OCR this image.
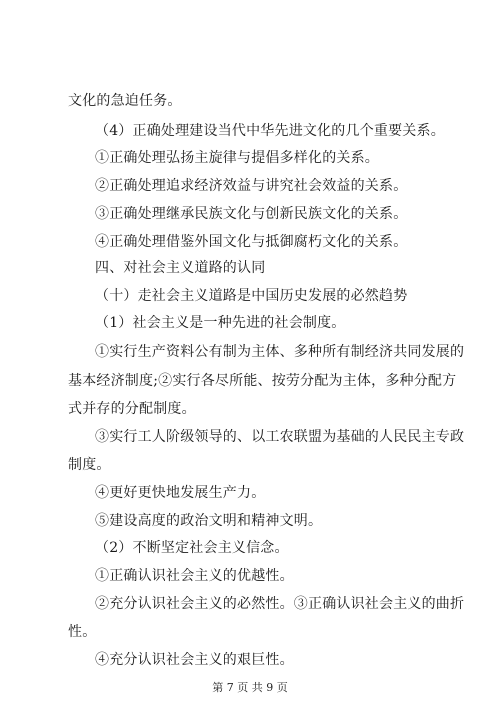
文化的急迫任务。
（4）正确处理建设当代中华先进文化的几个重要关系。
①正确处理弘扬主旋律与提倡多样化的关系。
②正确处理追求经济效益与讲究社会效益的关系。
③正确处理继承民族文化与创新民族文化的关系。
④正确处理借鉴外国文化与抵御腐朽文化的关系。
四、对社会主义道路的认同
（十）走社会主义道路是中国历史发展的必然趋势
（1）社会主义是一种先进的社会制度。
①实行生产资料公有制为主体、多种所有制经济共同发展的
基本经济制度;②实行各尽所能、按劳分配为主体，多种分配方
式并存的分配制度。
③实行工人阶级领导的、以工农联盟为基础的人民民主专政
制度。
④更好更快地发展生产力。
⑤建设高度的政治文明和精神文明。
（2）不断坚定社会主义信念。
①正确认识社会主义的优越性。
②充分认识社会主义的必然性。③正确认识社会主义的曲折
性。
④充分认识社会主义的艰巨性。
第 7 页 共 9 页
